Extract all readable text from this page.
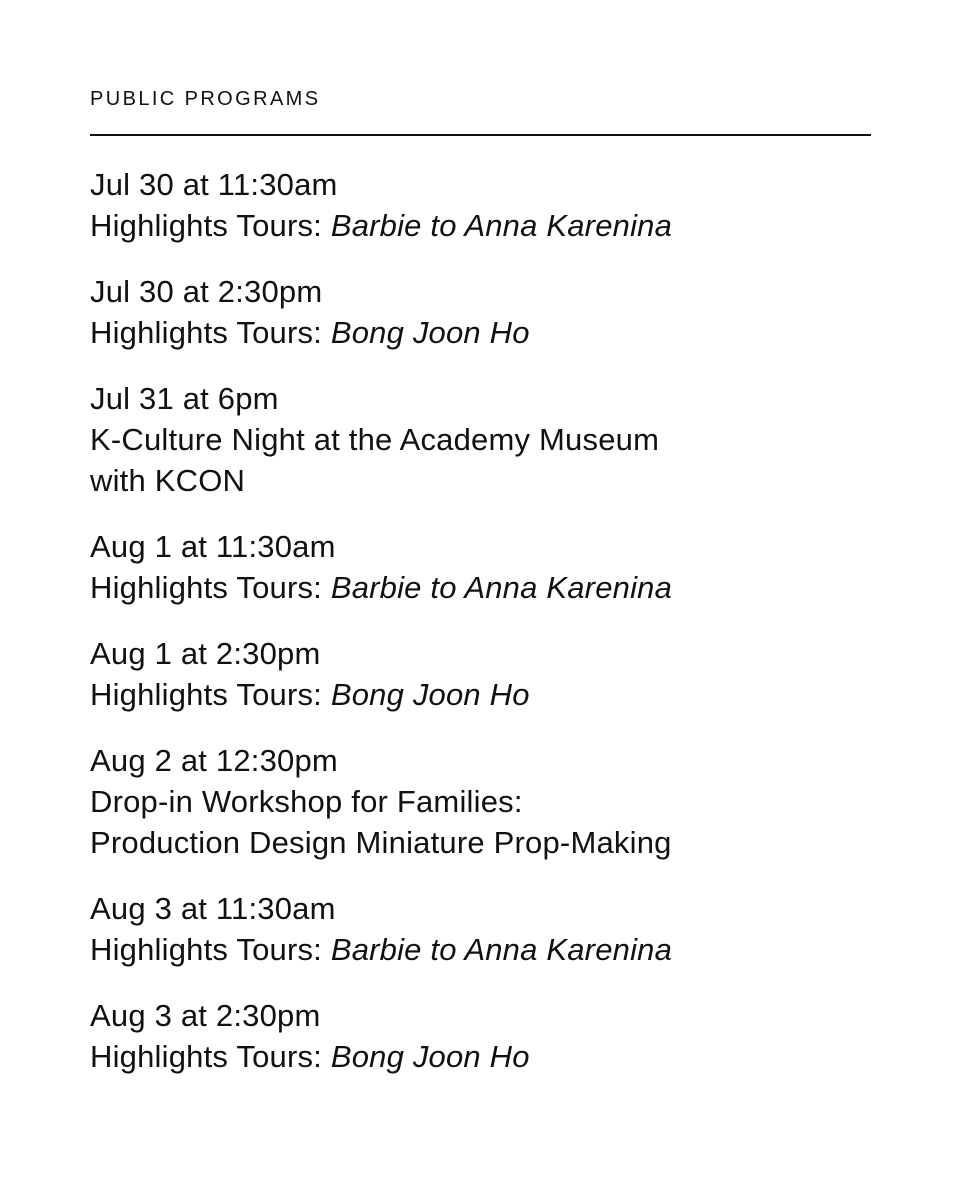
PUBLIC PROGRAMS
Jul 30 at 11:30am
Highlights Tours: Barbie to Anna Karenina
Jul 30 at 2:30pm
Highlights Tours: Bong Joon Ho
Jul 31 at 6pm
K-Culture Night at the Academy Museum
with KCON
Aug 1 at 11:30am
Highlights Tours: Barbie to Anna Karenina
Aug 1 at 2:30pm
Highlights Tours: Bong Joon Ho
Aug 2 at 12:30pm
Drop-in Workshop for Families:
Production Design Miniature Prop-Making
Aug 3 at 11:30am
Highlights Tours: Barbie to Anna Karenina
Aug 3 at 2:30pm
Highlights Tours: Bong Joon Ho
